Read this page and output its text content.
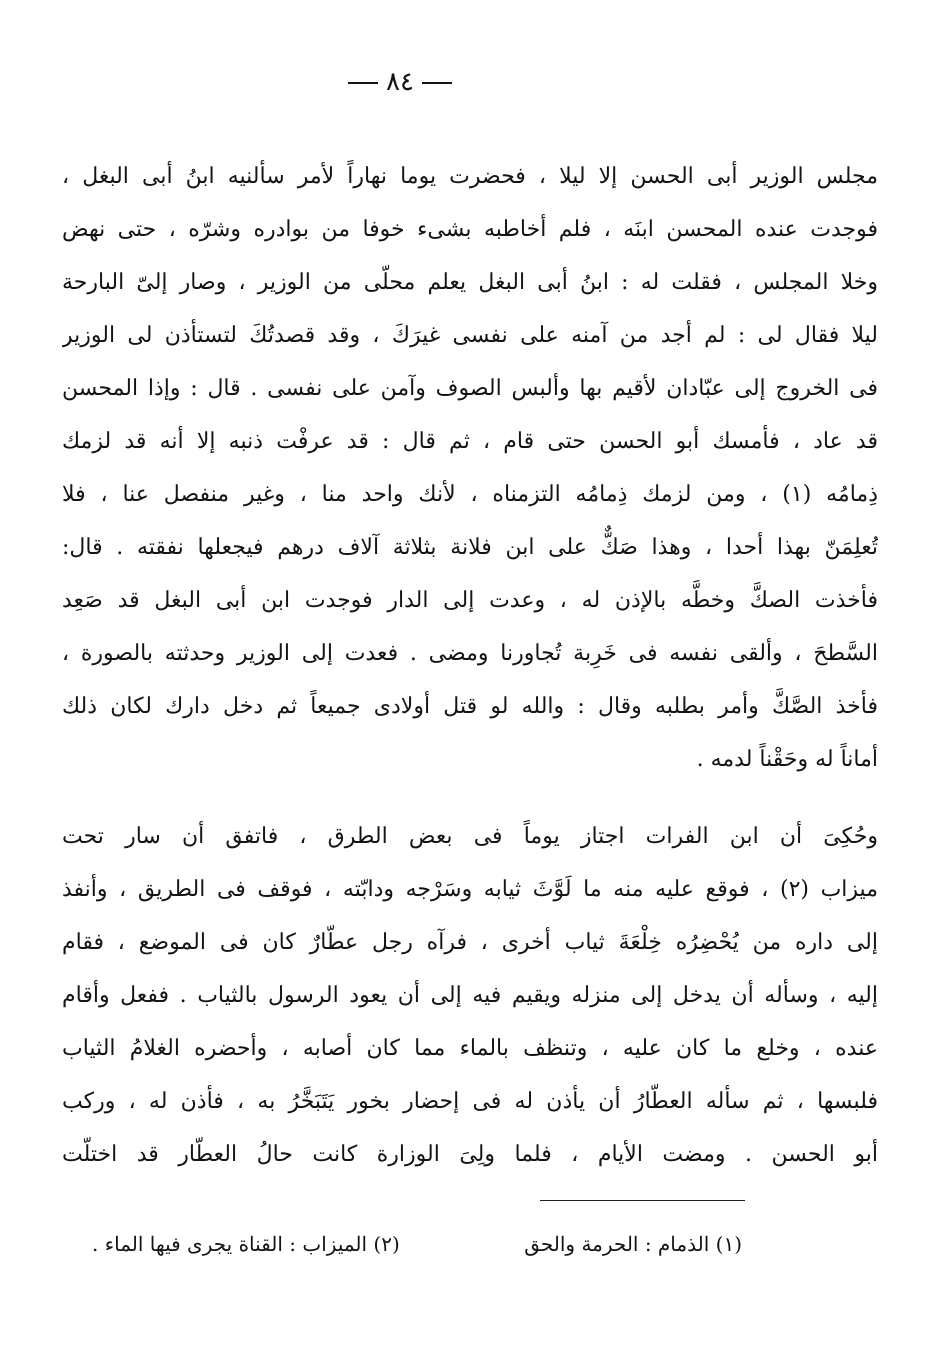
٨٤
مجلس الوزير أبى الحسن إلا ليلا ، فحضرت يوما نهاراً لأمر سألنيه ابنُ أبى البغل ،
فوجدت عنده المحسن ابنَه ، فلم أخاطبه بشىء خوفا من بوادره وشرّه ، حتى نهض
وخلا المجلس ، فقلت له : ابنُ أبى البغل يعلم محلّى من الوزير ، وصار إلىّ البارحة
ليلا فقال لى : لم أجد من آمنه على نفسى غيرَكَ ، وقد قصدتُكَ لتستأذن لى الوزير
فى الخروج إلى عبّادان لأقيم بها وألبس الصوف وآمن على نفسى . قال : وإذا المحسن
قد عاد ، فأمسك أبو الحسن حتى قام ، ثم قال : قد عرفْت ذنبه إلا أنه قد لزمك
ذِمامُه (١) ، ومن لزمك ذِمامُه التزمناه ، لأنك واحد منا ، وغير منفصل عنا ، فلا
تُعلِمَنّ بهذا أحدا ، وهذا صَكٌّ على ابن فلانة بثلاثة آلاف درهم فيجعلها نفقته . قال:
فأخذت الصكَّ وخطَّه بالإذن له ، وعدت إلى الدار فوجدت ابن أبى البغل قد صَعِد
السَّطحَ ، وألقى نفسه فى خَرِبة تُجاورنا ومضى . فعدت إلى الوزير وحدثته بالصورة ،
فأخذ الصَّكَّ وأمر بطلبه وقال : والله لو قتل أولادى جميعاً ثم دخل دارك لكان ذلك
أماناً له وحَقْناً لدمه .
وحُكِىَ أن ابن الفرات اجتاز يوماً فى بعض الطرق ، فاتفق أن سار تحت
ميزاب (٢) ، فوقع عليه منه ما لَوَّثَ ثيابه وسَرْجه ودابّته ، فوقف فى الطريق ، وأنفذ
إلى داره من يُحْضِرُه خِلْعَةَ ثياب أخرى ، فرآه رجل عطّارٌ كان فى الموضع ، فقام
إليه ، وسأله أن يدخل إلى منزله ويقيم فيه إلى أن يعود الرسول بالثياب . ففعل وأقام
عنده ، وخلع ما كان عليه ، وتنظف بالماء مما كان أصابه ، وأحضره الغلامُ الثياب
فلبسها ، ثم سأله العطّارُ أن يأذن له فى إحضار بخور يَتَبَخَّرُ به ، فأذن له ، وركب
أبو الحسن . ومضت الأيام ، فلما ولِىَ الوزارة كانت حالُ العطّار قد اختلّت
(١) الذمام : الحرمة والحق
(٢) الميزاب : القناة يجرى فيها الماء .
